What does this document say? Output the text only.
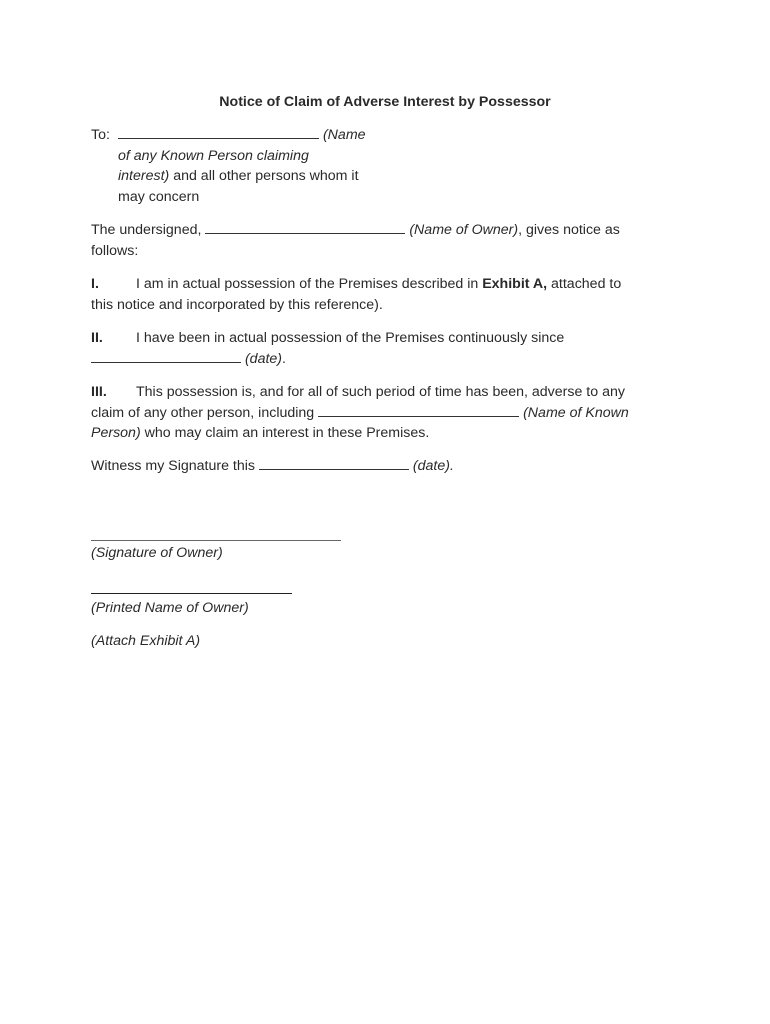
Notice of Claim of Adverse Interest by Possessor
To:	(Name
of any Known Person claiming
interest) and all other persons whom it
may concern
The undersigned,	(Name of Owner), gives notice as
follows:
I.	I am in actual possession of the Premises described in Exhibit A, attached to
this notice and incorporated by this reference).
II. I have been in actual possession of the Premises continuously since
(date).
III. This possession is, and for all of such period of time has been, adverse to any
claim of any other person, including	(Name of Known
Person) who may claim an interest in these Premises.
Witness my Signature this	(date).
(Signature of Owner)
(Printed Name of Owner)
(Attach Exhibit A)
